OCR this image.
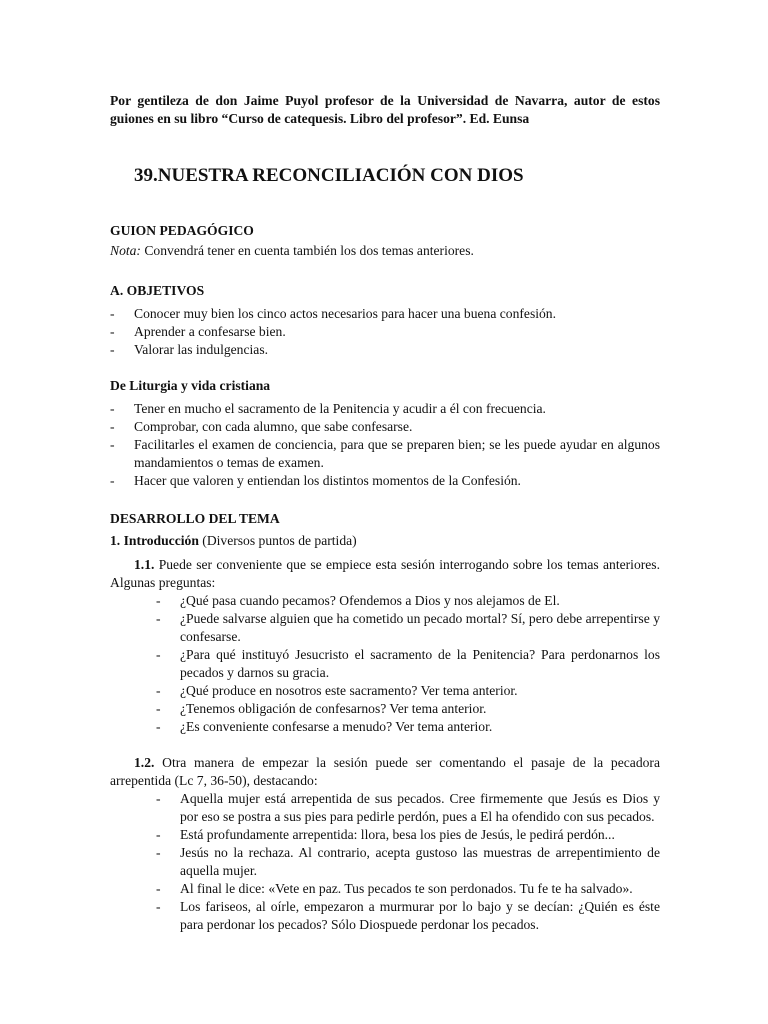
Por gentileza de don Jaime Puyol profesor de la Universidad de Navarra, autor de estos guiones en su libro “Curso de catequesis. Libro del profesor”. Ed. Eunsa
39.NUESTRA RECONCILIACIÓN CON DIOS
GUION PEDAGÓGICO
Nota: Convendrá tener en cuenta también los dos temas anteriores.
A. OBJETIVOS
- Conocer muy bien los cinco actos necesarios para hacer una buena confesión.
- Aprender a confesarse bien.
- Valorar las indulgencias.
De Liturgia y vida cristiana
- Tener en mucho el sacramento de la Penitencia y acudir a él con frecuencia.
- Comprobar, con cada alumno, que sabe confesarse.
- Facilitarles el examen de conciencia, para que se preparen bien; se les puede ayudar en algunos mandamientos o temas de examen.
- Hacer que valoren y entiendan los distintos momentos de la Confesión.
DESARROLLO DEL TEMA
1. Introducción (Diversos puntos de partida)
1.1. Puede ser conveniente que se empiece esta sesión interrogando sobre los temas anteriores. Algunas preguntas:
- ¿Qué pasa cuando pecamos? Ofendemos a Dios y nos alejamos de El.
- ¿Puede salvarse alguien que ha cometido un pecado mortal? Sí, pero debe arrepentirse y confesarse.
- ¿Para qué instituyó Jesucristo el sacramento de la Penitencia? Para perdonarnos los pecados y darnos su gracia.
- ¿Qué produce en nosotros este sacramento? Ver tema anterior.
- ¿Tenemos obligación de confesarnos? Ver tema anterior.
- ¿Es conveniente confesarse a menudo? Ver tema anterior.
1.2. Otra manera de empezar la sesión puede ser comentando el pasaje de la pecadora arrepentida (Lc 7, 36-50), destacando:
- Aquella mujer está arrepentida de sus pecados. Cree firmemente que Jesús es Dios y por eso se postra a sus pies para pedirle perdón, pues a El ha ofendido con sus pecados.
- Está profundamente arrepentida: llora, besa los pies de Jesús, le pedirá perdón...
- Jesús no la rechaza. Al contrario, acepta gustoso las muestras de arrepentimiento de aquella mujer.
- Al final le dice: «Vete en paz. Tus pecados te son perdonados. Tu fe te ha salvado».
- Los fariseos, al oírle, empezaron a murmurar por lo bajo y se decían: ¿Quién es éste para perdonar los pecados? Sólo Diospuede perdonar los pecados.
